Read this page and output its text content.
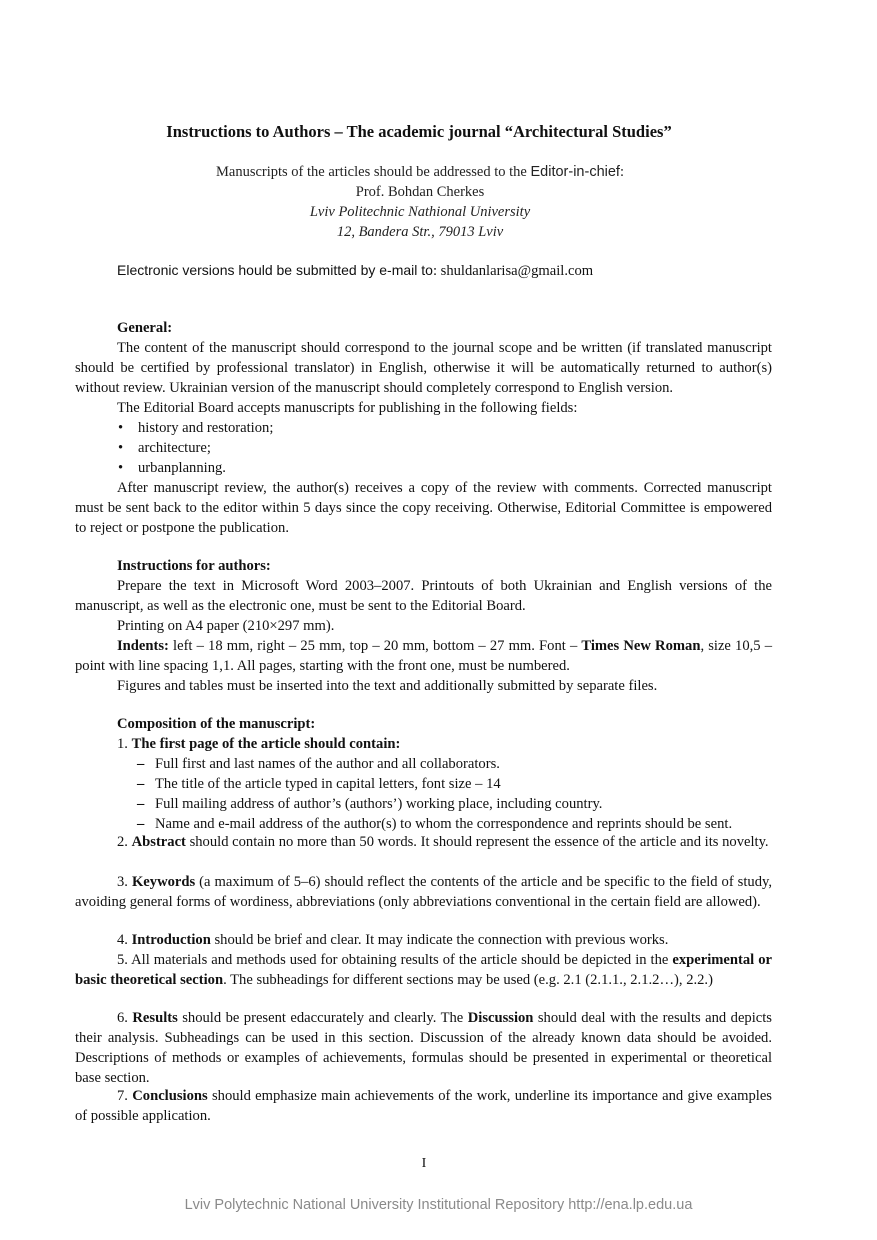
Instructions to Authors – The academic journal “Architectural Studies”
Manuscripts of the articles should be addressed to the Editor-in-chief:
Prof. Bohdan Cherkes
Lviv Politechnic Nathional University
12, Bandera Str., 79013 Lviv
Electronic versions hould be submitted by e-mail to: shuldanlarisa@gmail.com
General:
The content of the manuscript should correspond to the journal scope and be written (if translated manuscript should be certified by professional translator) in English, otherwise it will be automatically returned to author(s) without review. Ukrainian version of the manuscript should completely correspond to English version.
The Editorial Board accepts manuscripts for publishing in the following fields:
• history and restoration;
• architecture;
• urbanplanning.
After manuscript review, the author(s) receives a copy of the review with comments. Corrected manuscript must be sent back to the editor within 5 days since the copy receiving. Otherwise, Editorial Committee is empowered to reject or postpone the publication.
Instructions for authors:
Prepare the text in Microsoft Word 2003–2007. Printouts of both Ukrainian and English versions of the manuscript, as well as the electronic one, must be sent to the Editorial Board.
Printing on A4 paper (210×297 mm).
Indents: left – 18 mm, right – 25 mm, top – 20 mm, bottom – 27 mm. Font – Times New Roman, size 10,5 – point with line spacing 1,1. All pages, starting with the front one, must be numbered.
Figures and tables must be inserted into the text and additionally submitted by separate files.
Composition of the manuscript:
1. The first page of the article should contain:
– Full first and last names of the author and all collaborators.
– The title of the article typed in capital letters, font size – 14
– Full mailing address of author’s (authors’) working place, including country.
– Name and e-mail address of the author(s) to whom the correspondence and reprints should be sent.
2. Abstract should contain no more than 50 words. It should represent the essence of the article and its novelty.
3. Keywords (a maximum of 5–6) should reflect the contents of the article and be specific to the field of study, avoiding general forms of wordiness, abbreviations (only abbreviations conventional in the certain field are allowed).
4. Introduction should be brief and clear. It may indicate the connection with previous works.
5. All materials and methods used for obtaining results of the article should be depicted in the experimental or basic theoretical section. The subheadings for different sections may be used (e.g. 2.1 (2.1.1., 2.1.2…), 2.2.)
6. Results should be present edaccurately and clearly. The Discussion should deal with the results and depicts their analysis. Subheadings can be used in this section. Discussion of the already known data should be avoided. Descriptions of methods or examples of achievements, formulas should be presented in experimental or theoretical base section.
7. Conclusions should emphasize main achievements of the work, underline its importance and give examples of possible application.
I
Lviv Polytechnic National University Institutional Repository http://ena.lp.edu.ua
